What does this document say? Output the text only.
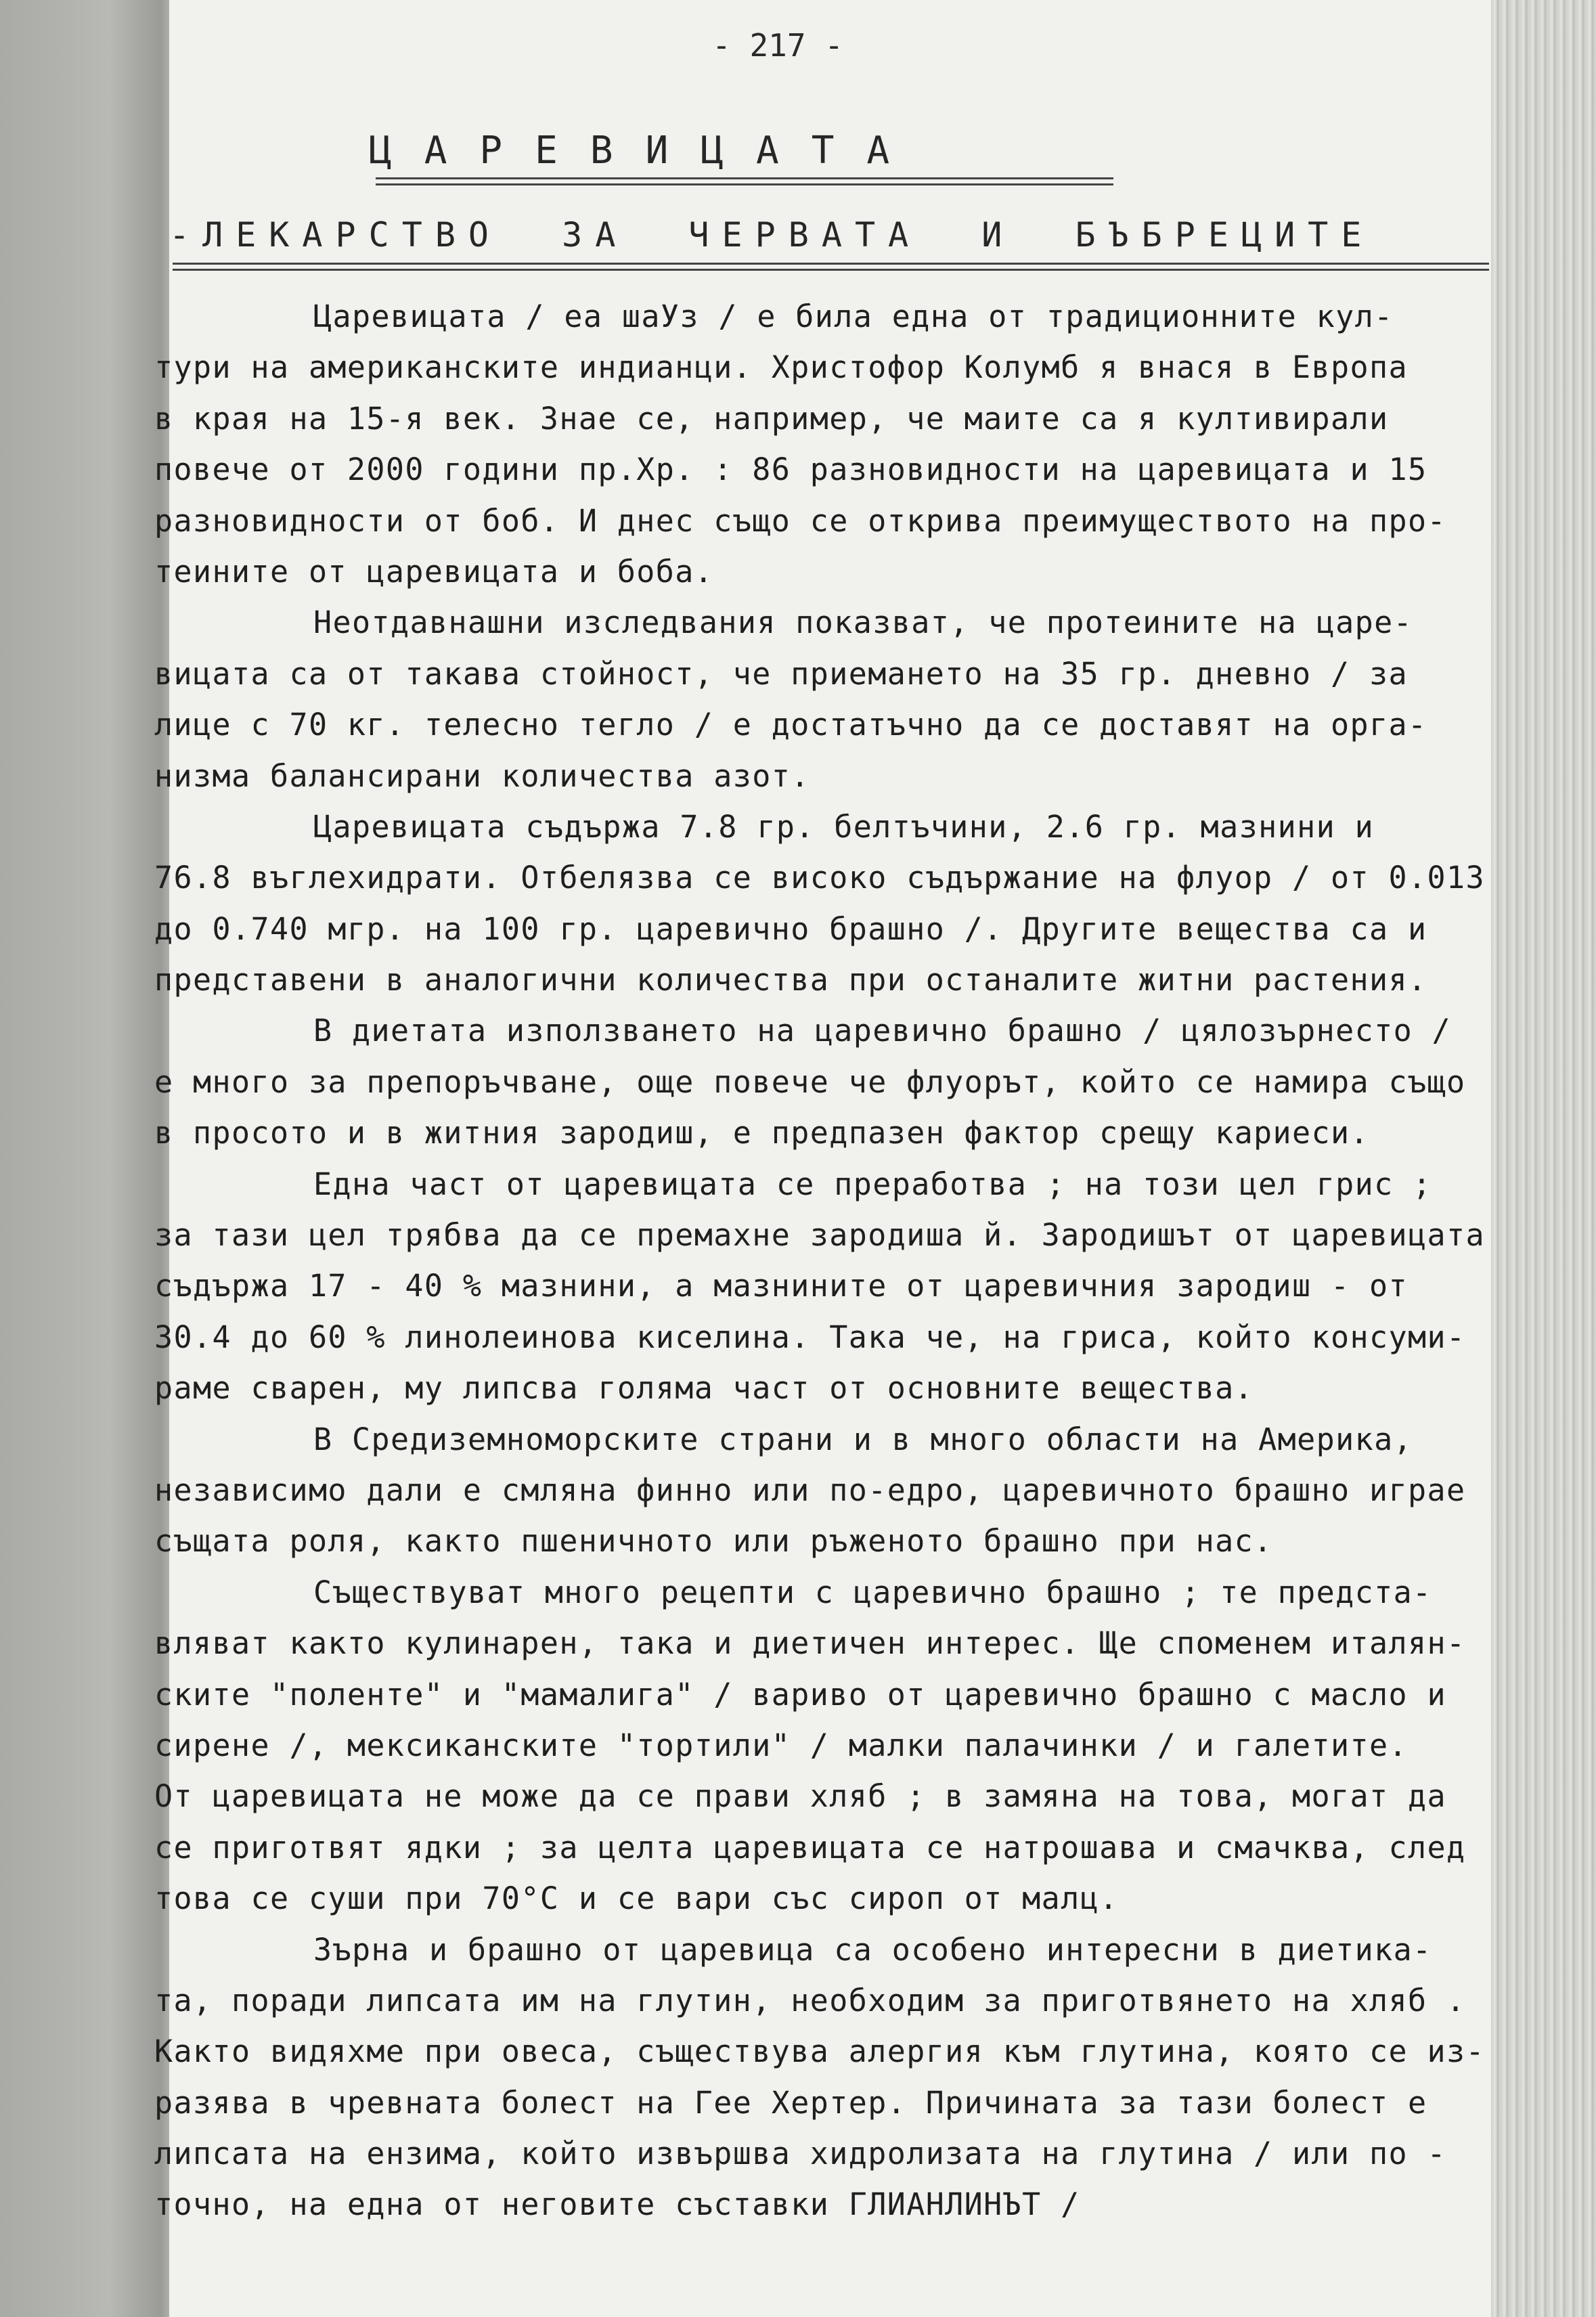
- 217 -
ЦАРЕВИЦАТА
-ЛЕКАРСТВО ЗА ЧЕРВАТА И БЪБРЕЦИТЕ
Царевицата / ea шaУз / е била една от традиционните кул-
тури на американските индианци. Христофор Колумб я внася в Европа
в края на 15-я век. Знае се, например, че маите са я култивирали
повече от 2000 години пр.Хр. : 86 разновидности на царевицата и 15
разновидности от боб. И днес също се открива преимуществото на про-
теините от царевицата и боба.
Неотдавнашни изследвания показват, че протеините на царе-
вицата са от такава стойност, че приемането на 35 гр. дневно / за
лице с 70 кг. телесно тегло / е достатъчно да се доставят на орга-
низма балансирани количества азот.
Царевицата съдържа 7.8 гр. белтъчини, 2.6 гр. мазнини и
76.8 въглехидрати. Отбелязва се високо съдържание на флуор / от 0.013
до 0.740 мгр. на 100 гр. царевично брашно /. Другите вещества са и
представени в аналогични количества при останалите житни растения.
В диетата използването на царевично брашно / цялозърнесто /
е много за препоръчване, още повече че флуорът, който се намира също
в просото и в житния зародиш, е предпазен фактор срещу кариеси.
Една част от царевицата се преработва ; на този цел грис ;
за тази цел трябва да се премахне зародиша й. Зародишът от царевицата
съдържа 17 - 40 % мазнини, а мазнините от царевичния зародиш - от
30.4 до 60 % линолеинова киселина. Така че, на гриса, който консуми-
раме сварен, му липсва голяма част от основните вещества.
В Средиземноморските страни и в много области на Америка,
независимо дали е смляна финно или по-едро, царевичното брашно играе
същата роля, както пшеничното или ръженото брашно при нас.
Съществуват много рецепти с царевично брашно ; те предста-
вляват както кулинарен, така и диетичен интерес. Ще споменем италян-
ските "поленте" и "мамалига" / вариво от царевично брашно с масло и
сирене /, мексиканските "тортили" / малки палачинки / и галетите.
От царевицата не може да се прави хляб ; в замяна на това, могат да
се приготвят ядки ; за целта царевицата се натрошава и смачква, след
това се суши при 70°C и се вари със сироп от малц.
Зърна и брашно от царевица са особено интересни в диетика-
та, поради липсата им на глутин, необходим за приготвянето на хляб .
Както видяхме при овеса, съществува алергия към глутина, която се из-
разява в чревната болест на Гее Хертер. Причината за тази болест е
липсата на ензима, който извършва хидролизата на глутина / или по -
точно, на една от неговите съставки ГЛИАНЛИНЪТ /
